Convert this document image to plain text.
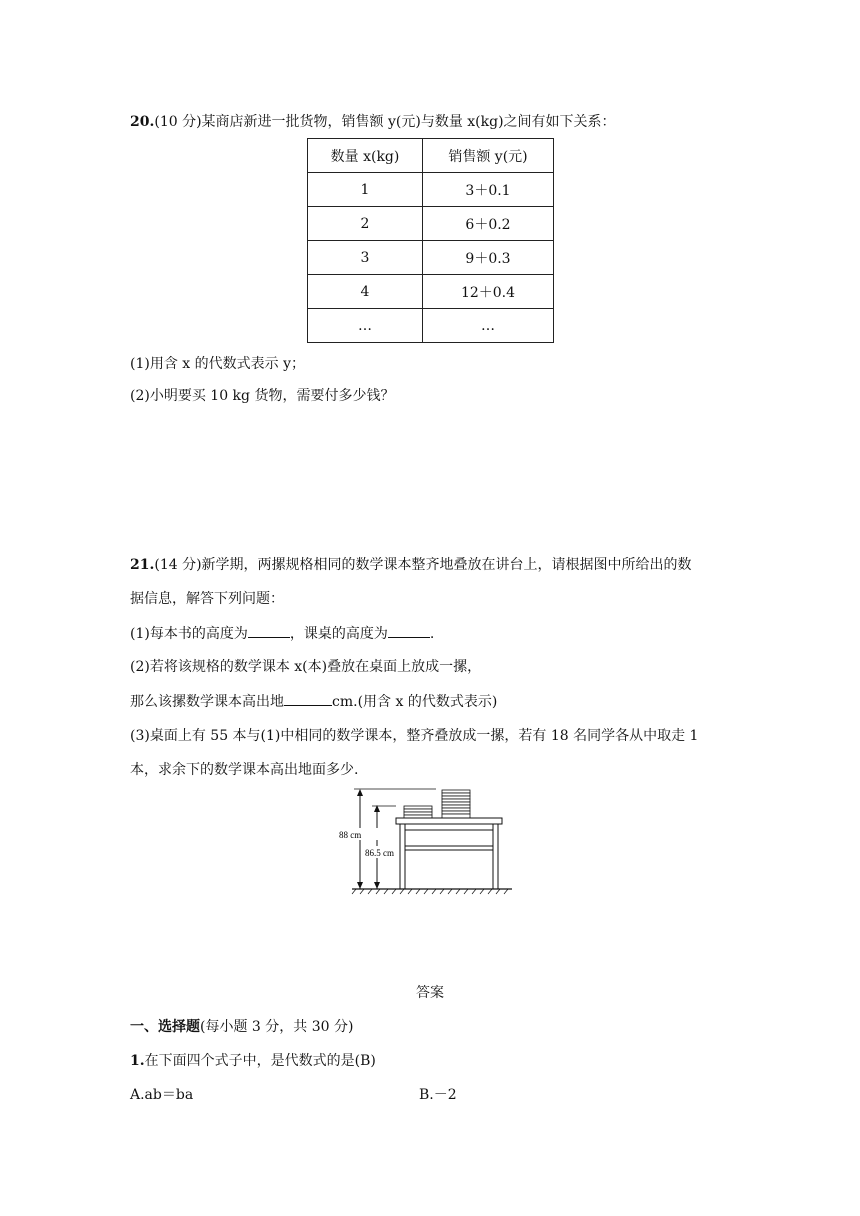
20.(10 分)某商店新进一批货物，销售额 y(元)与数量 x(kg)之间有如下关系：
数量 x(kg)	销售额 y(元)
1	3＋0.1
2	6＋0.2
3	9＋0.3
4	12＋0.4
…	…
(1)用含 x 的代数式表示 y；
(2)小明要买 10 kg 货物，需要付多少钱？
21.(14 分)新学期，两摞规格相同的数学课本整齐地叠放在讲台上，请根据图中所给出的数
据信息，解答下列问题：
(1)每本书的高度为	，课桌的高度为	.
(2)若将该规格的数学课本 x(本)叠放在桌面上放成一摞，
那么该摞数学课本高出地	cm.(用含 x 的代数式表示)
(3)桌面上有 55 本与(1)中相同的数学课本，整齐叠放成一摞，若有 18 名同学各从中取走 1
本，求余下的数学课本高出地面多少.
88 cm
86.5 cm
答案
一、选择题(每小题 3 分，共 30 分)
1.在下面四个式子中，是代数式的是(B)
A.ab＝ba	B.－2
